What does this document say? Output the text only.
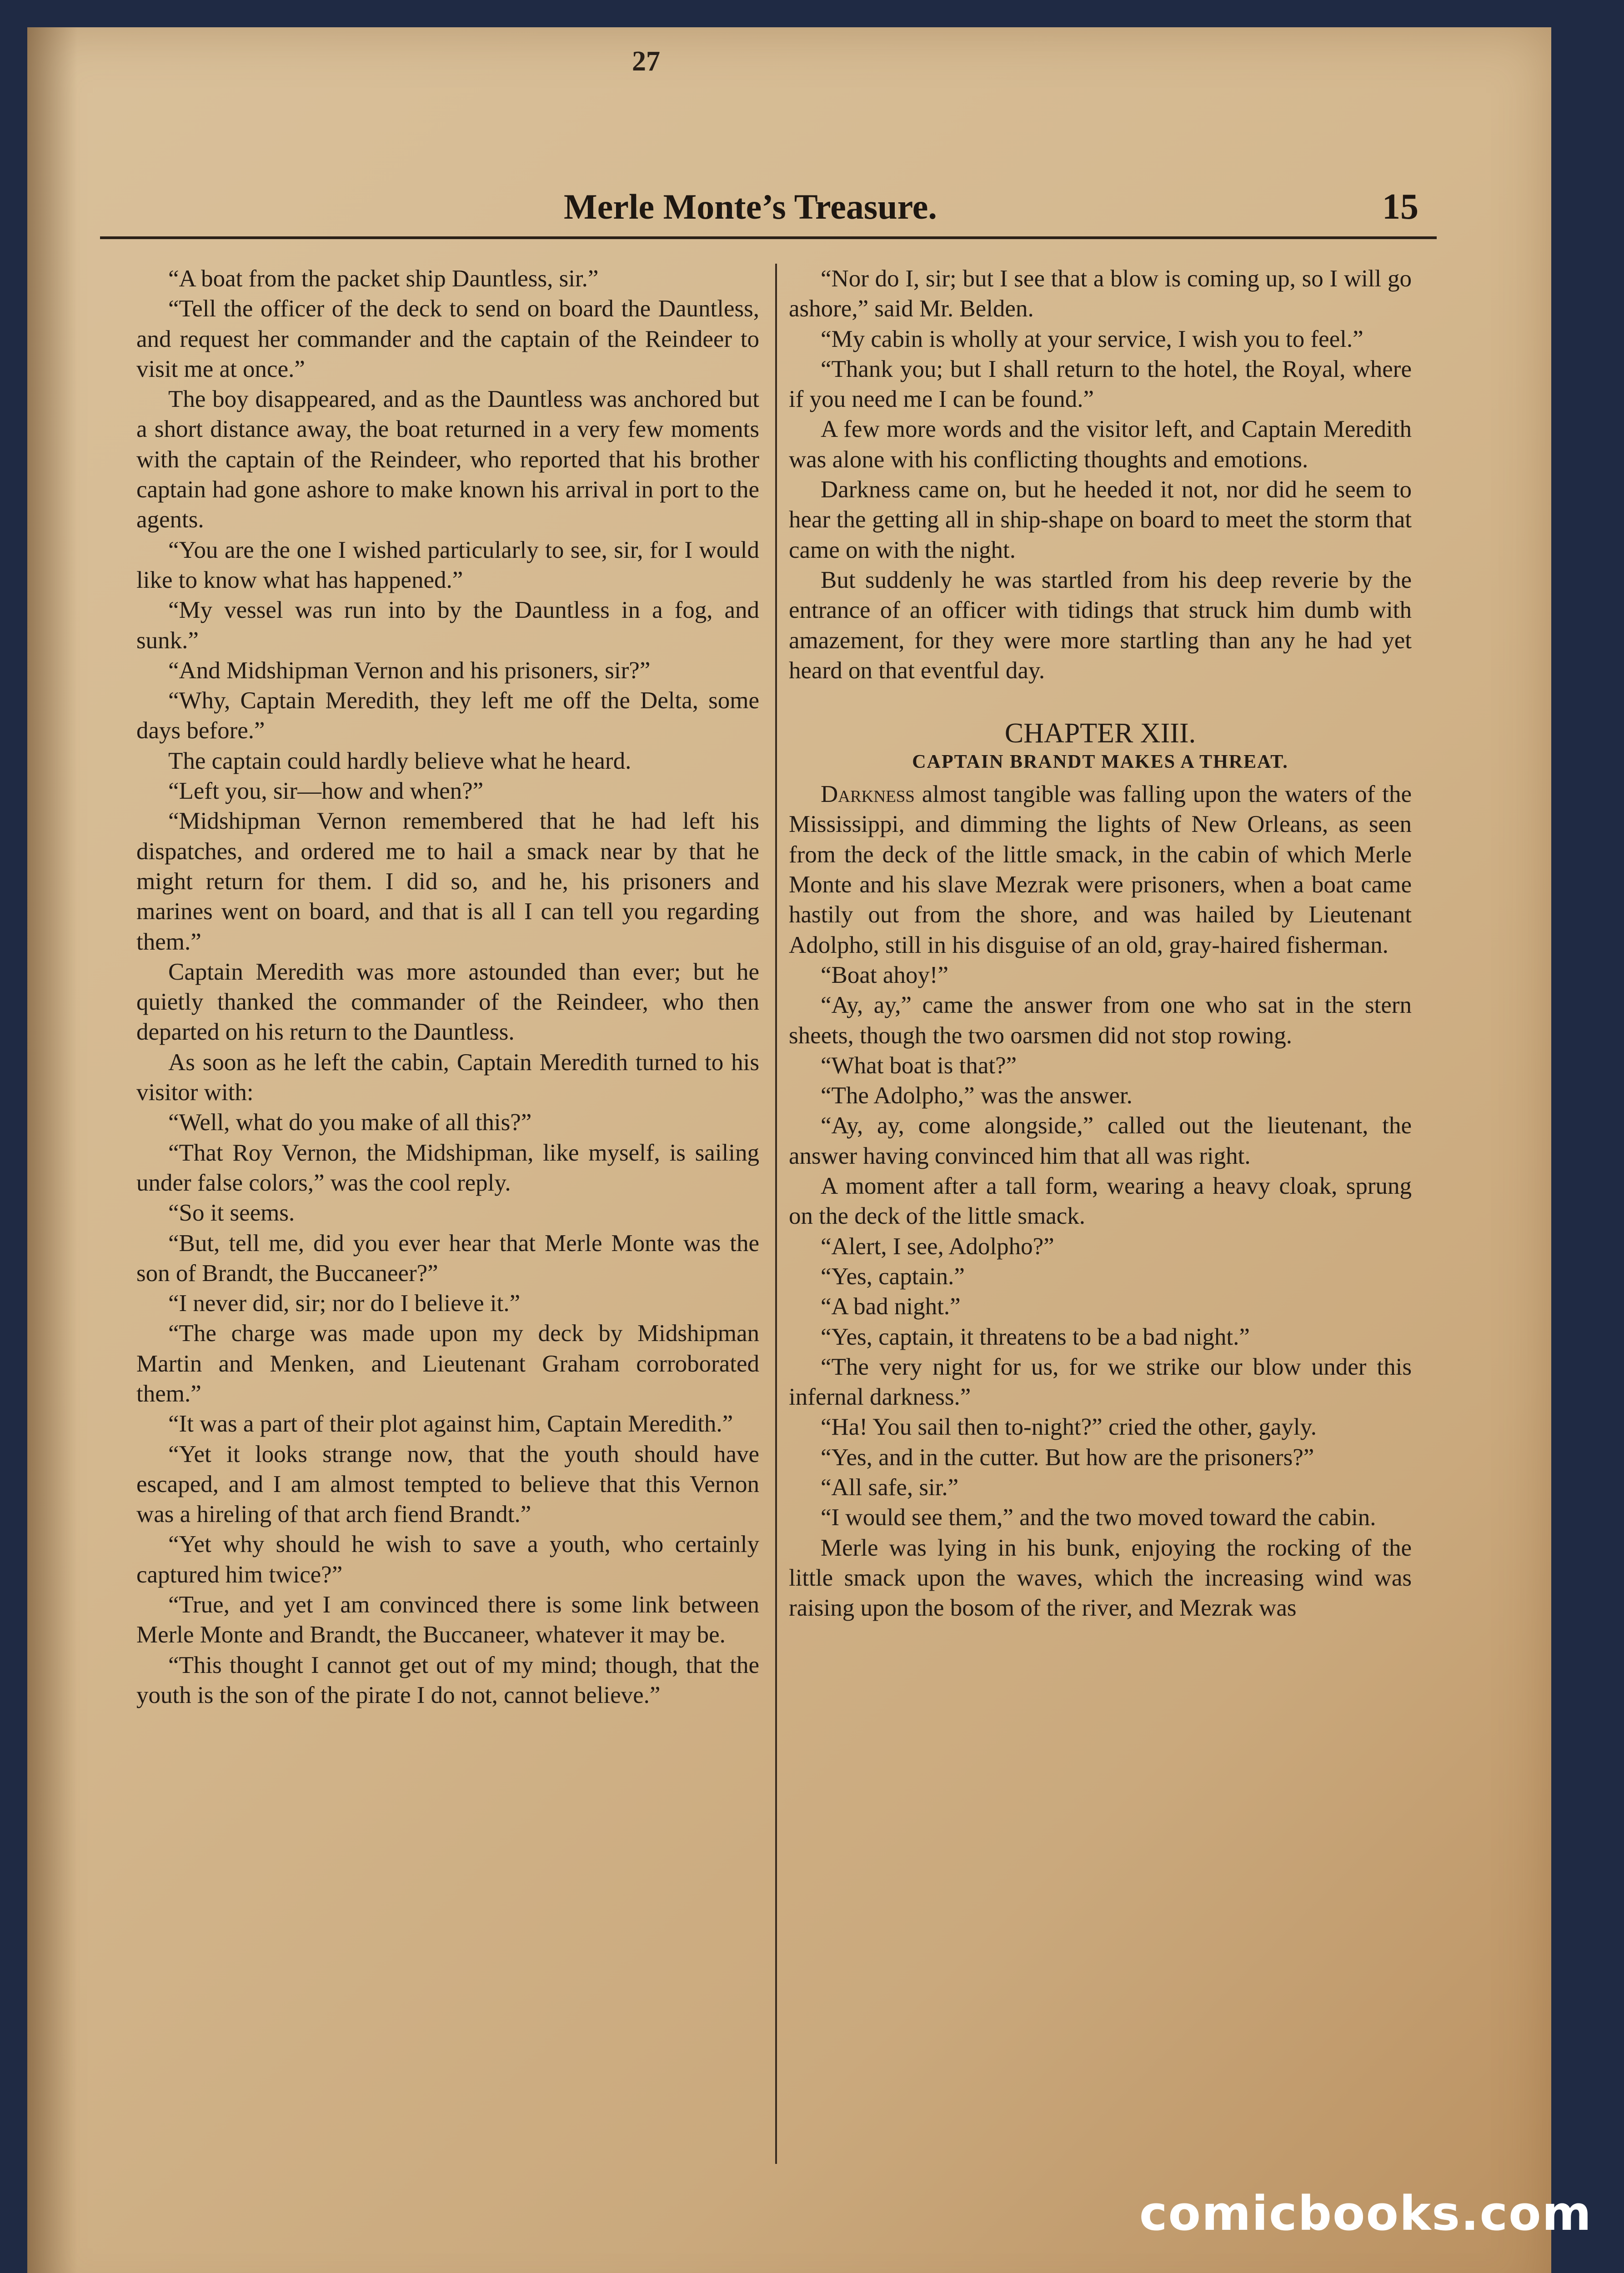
27
Merle Monte’s Treasure.	15

“A boat from the packet ship Dauntless, sir.”

“Tell the officer of the deck to send on board the Dauntless, and request her commander and the captain of the Reindeer to visit me at once.”

The boy disappeared, and as the Dauntless was anchored but a short distance away, the boat returned in a very few moments with the captain of the Reindeer, who reported that his brother captain had gone ashore to make known his arrival in port to the agents.

“You are the one I wished particularly to see, sir, for I would like to know what has happened.”

“My vessel was run into by the Dauntless in a fog, and sunk.”

“And Midshipman Vernon and his prisoners, sir?”

“Why, Captain Meredith, they left me off the Delta, some days before.”

The captain could hardly believe what he heard.

“Left you, sir—how and when?”

“Midshipman Vernon remembered that he had left his dispatches, and ordered me to hail a smack near by that he might return for them. I did so, and he, his prisoners and marines went on board, and that is all I can tell you regarding them.”

Captain Meredith was more astounded than ever; but he quietly thanked the commander of the Reindeer, who then departed on his return to the Dauntless.

As soon as he left the cabin, Captain Meredith turned to his visitor with:

“Well, what do you make of all this?”

“That Roy Vernon, the Midshipman, like myself, is sailing under false colors,” was the cool reply.

“So it seems.

“But, tell me, did you ever hear that Merle Monte was the son of Brandt, the Buccaneer?”

“I never did, sir; nor do I believe it.”

“The charge was made upon my deck by Midshipman Martin and Menken, and Lieutenant Graham corroborated them.”

“It was a part of their plot against him, Captain Meredith.”

“Yet it looks strange now, that the youth should have escaped, and I am almost tempted to believe that this Vernon was a hireling of that arch fiend Brandt.”

“Yet why should he wish to save a youth, who certainly captured him twice?”

“True, and yet I am convinced there is some link between Merle Monte and Brandt, the Buccaneer, whatever it may be.

“This thought I cannot get out of my mind; though, that the youth is the son of the pirate I do not, cannot believe.”

“Nor do I, sir; but I see that a blow is coming up, so I will go ashore,” said Mr. Belden.

“My cabin is wholly at your service, I wish you to feel.”

“Thank you; but I shall return to the hotel, the Royal, where if you need me I can be found.”

A few more words and the visitor left, and Captain Meredith was alone with his conflicting thoughts and emotions.

Darkness came on, but he heeded it not, nor did he seem to hear the getting all in ship-shape on board to meet the storm that came on with the night.

But suddenly he was startled from his deep reverie by the entrance of an officer with tidings that struck him dumb with amazement, for they were more startling than any he had yet heard on that eventful day.

CHAPTER XIII.
CAPTAIN BRANDT MAKES A THREAT.

Darkness almost tangible was falling upon the waters of the Mississippi, and dimming the lights of New Orleans, as seen from the deck of the little smack, in the cabin of which Merle Monte and his slave Mezrak were prisoners, when a boat came hastily out from the shore, and was hailed by Lieutenant Adolpho, still in his disguise of an old, gray-haired fisherman.

“Boat ahoy!”

“Ay, ay,” came the answer from one who sat in the stern sheets, though the two oarsmen did not stop rowing.

“What boat is that?”

“The Adolpho,” was the answer.

“Ay, ay, come alongside,” called out the lieutenant, the answer having convinced him that all was right.

A moment after a tall form, wearing a heavy cloak, sprung on the deck of the little smack.

“Alert, I see, Adolpho?”

“Yes, captain.”

“A bad night.”

“Yes, captain, it threatens to be a bad night.”

“The very night for us, for we strike our blow under this infernal darkness.”

“Ha! You sail then to-night?” cried the other, gayly.

“Yes, and in the cutter. But how are the prisoners?”

“All safe, sir.”

“I would see them,” and the two moved toward the cabin.

Merle was lying in his bunk, enjoying the rocking of the little smack upon the waves, which the increasing wind was raising upon the bosom of the river, and Mezrak was

comicbooks.com
